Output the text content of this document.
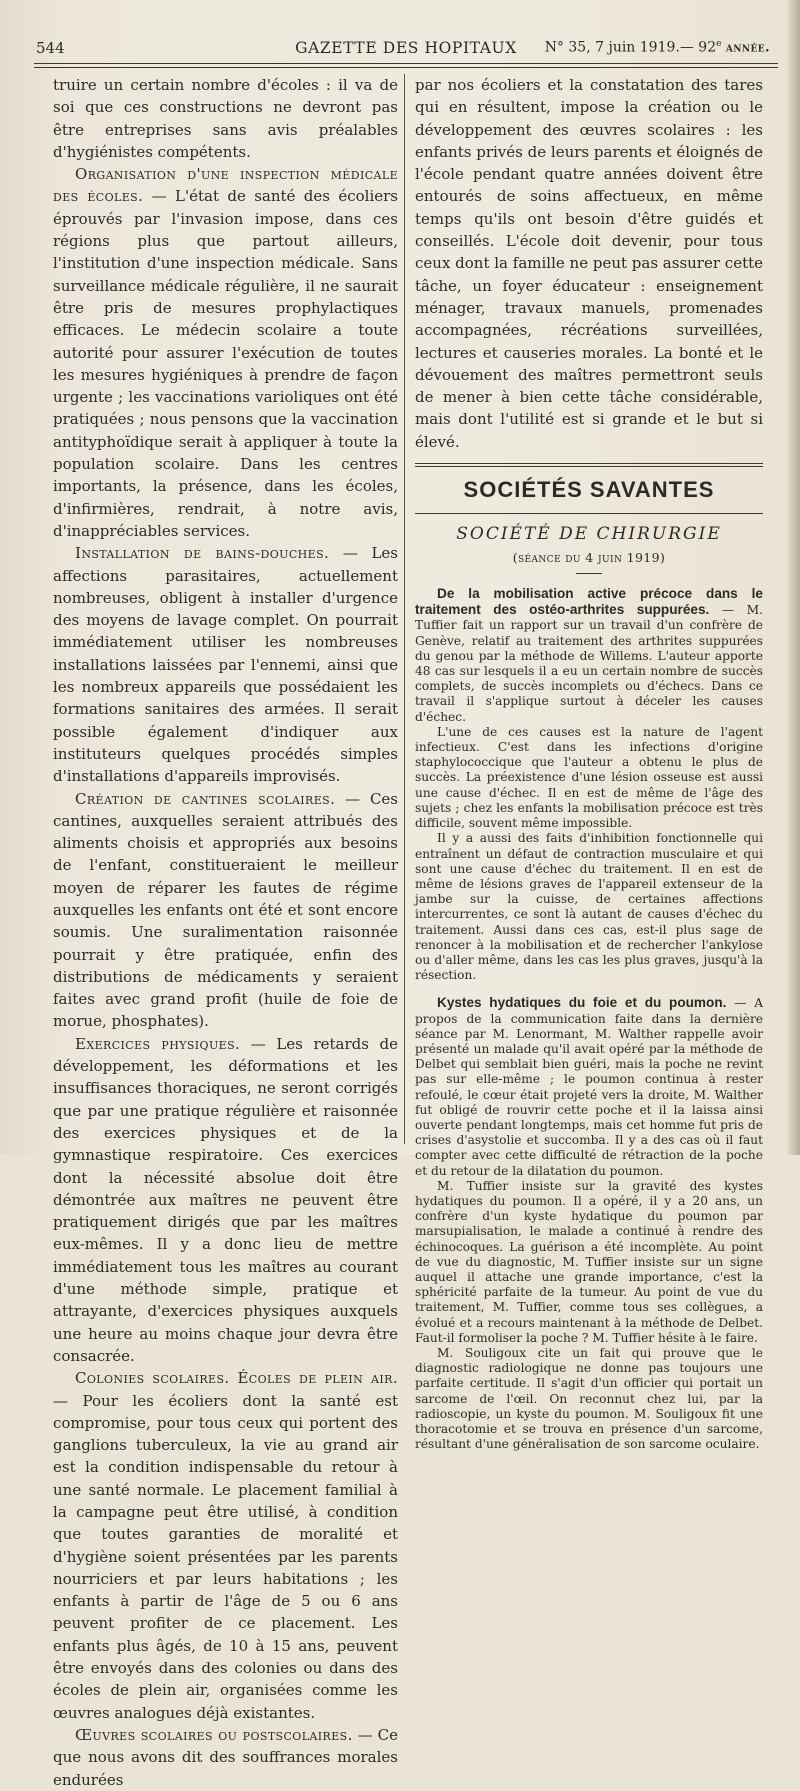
544	GAZETTE DES HOPITAUX	N° 35, 7 juin 1919.— 92e année.

truire un certain nombre d'écoles : il va de soi que ces constructions ne devront pas être entreprises sans avis préalables d'hygiénistes compétents.

Organisation d'une inspection médicale des écoles. — L'état de santé des écoliers éprouvés par l'invasion impose, dans ces régions plus que partout ailleurs, l'institution d'une inspection médicale. Sans surveillance médicale régulière, il ne saurait être pris de mesures prophylactiques efficaces. Le médecin scolaire a toute autorité pour assurer l'exécution de toutes les mesures hygiéniques à prendre de façon urgente ; les vaccinations varioliques ont été pratiquées ; nous pensons que la vaccination antityphoïdique serait à appliquer à toute la population scolaire. Dans les centres importants, la présence, dans les écoles, d'infirmières, rendrait, à notre avis, d'inappréciables services.

Installation de bains-douches. — Les affections parasitaires, actuellement nombreuses, obligent à installer d'urgence des moyens de lavage complet. On pourrait immédiatement utiliser les nombreuses installations laissées par l'ennemi, ainsi que les nombreux appareils que possédaient les formations sanitaires des armées. Il serait possible également d'indiquer aux instituteurs quelques procédés simples d'installations d'appareils improvisés.

Création de cantines scolaires. — Ces cantines, auxquelles seraient attribués des aliments choisis et appropriés aux besoins de l'enfant, constitueraient le meilleur moyen de réparer les fautes de régime auxquelles les enfants ont été et sont encore soumis. Une suralimentation raisonnée pourrait y être pratiquée, enfin des distributions de médicaments y seraient faites avec grand profit (huile de foie de morue, phosphates).

Exercices physiques. — Les retards de développement, les déformations et les insuffisances thoraciques, ne seront corrigés que par une pratique régulière et raisonnée des exercices physiques et de la gymnastique respiratoire. Ces exercices dont la nécessité absolue doit être démontrée aux maîtres ne peuvent être pratiquement dirigés que par les maîtres eux-mêmes. Il y a donc lieu de mettre immédiatement tous les maîtres au courant d'une méthode simple, pratique et attrayante, d'exercices physiques auxquels une heure au moins chaque jour devra être consacrée.

Colonies scolaires. Écoles de plein air. — Pour les écoliers dont la santé est compromise, pour tous ceux qui portent des ganglions tuberculeux, la vie au grand air est la condition indispensable du retour à une santé normale. Le placement familial à la campagne peut être utilisé, à condition que toutes garanties de moralité et d'hygiène soient présentées par les parents nourriciers et par leurs habitations ; les enfants à partir de l'âge de 5 ou 6 ans peuvent profiter de ce placement. Les enfants plus âgés, de 10 à 15 ans, peuvent être envoyés dans des colonies ou dans des écoles de plein air, organisées comme les œuvres analogues déjà existantes.

Œuvres scolaires ou postscolaires. — Ce que nous avons dit des souffrances morales endurées

par nos écoliers et la constatation des tares qui en résultent, impose la création ou le développement des œuvres scolaires : les enfants privés de leurs parents et éloignés de l'école pendant quatre années doivent être entourés de soins affectueux, en même temps qu'ils ont besoin d'être guidés et conseillés. L'école doit devenir, pour tous ceux dont la famille ne peut pas assurer cette tâche, un foyer éducateur : enseignement ménager, travaux manuels, promenades accompagnées, récréations surveillées, lectures et causeries morales. La bonté et le dévouement des maîtres permettront seuls de mener à bien cette tâche considérable, mais dont l'utilité est si grande et le but si élevé.

SOCIÉTÉS SAVANTES
SOCIÉTÉ DE CHIRURGIE
(séance du 4 juin 1919)

De la mobilisation active précoce dans le traitement des ostéo-arthrites suppurées. — M. Tuffier fait un rapport sur un travail d'un confrère de Genève, relatif au traitement des arthrites suppurées du genou par la méthode de Willems. L'auteur apporte 48 cas sur lesquels il a eu un certain nombre de succès complets, de succès incomplets ou d'échecs. Dans ce travail il s'applique surtout à déceler les causes d'échec.

L'une de ces causes est la nature de l'agent infectieux. C'est dans les infections d'origine staphylococcique que l'auteur a obtenu le plus de succès. La préexistence d'une lésion osseuse est aussi une cause d'échec. Il en est de même de l'âge des sujets ; chez les enfants la mobilisation précoce est très difficile, souvent même impossible.

Il y a aussi des faits d'inhibition fonctionnelle qui entraînent un défaut de contraction musculaire et qui sont une cause d'échec du traitement. Il en est de même de lésions graves de l'appareil extenseur de la jambe sur la cuisse, de certaines affections intercurrentes, ce sont là autant de causes d'échec du traitement. Aussi dans ces cas, est-il plus sage de renoncer à la mobilisation et de rechercher l'ankylose ou d'aller même, dans les cas les plus graves, jusqu'à la résection.

Kystes hydatiques du foie et du poumon. — A propos de la communication faite dans la dernière séance par M. Lenormant, M. Walther rappelle avoir présenté un malade qu'il avait opéré par la méthode de Delbet qui semblait bien guéri, mais la poche ne revint pas sur elle-même ; le poumon continua à rester refoulé, le cœur était projeté vers la droite, M. Walther fut obligé de rouvrir cette poche et il la laissa ainsi ouverte pendant longtemps, mais cet homme fut pris de crises d'asystolie et succomba. Il y a des cas où il faut compter avec cette difficulté de rétraction de la poche et du retour de la dilatation du poumon.

M. Tuffier insiste sur la gravité des kystes hydatiques du poumon. Il a opéré, il y a 20 ans, un confrère d'un kyste hydatique du poumon par marsupialisation, le malade a continué à rendre des échinocoques. La guérison a été incomplète. Au point de vue du diagnostic, M. Tuffier insiste sur un signe auquel il attache une grande importance, c'est la sphéricité parfaite de la tumeur. Au point de vue du traitement, M. Tuffier, comme tous ses collègues, a évolué et a recours maintenant à la méthode de Delbet. Faut-il formoliser la poche ? M. Tuffier hésite à le faire.

M. Souligoux cite un fait qui prouve que le diagnostic radiologique ne donne pas toujours une parfaite certitude. Il s'agit d'un officier qui portait un sarcome de l'œil. On reconnut chez lui, par la radioscopie, un kyste du poumon. M. Souligoux fit une thoracotomie et se trouva en présence d'un sarcome, résultant d'une généralisation de son sarcome oculaire.
